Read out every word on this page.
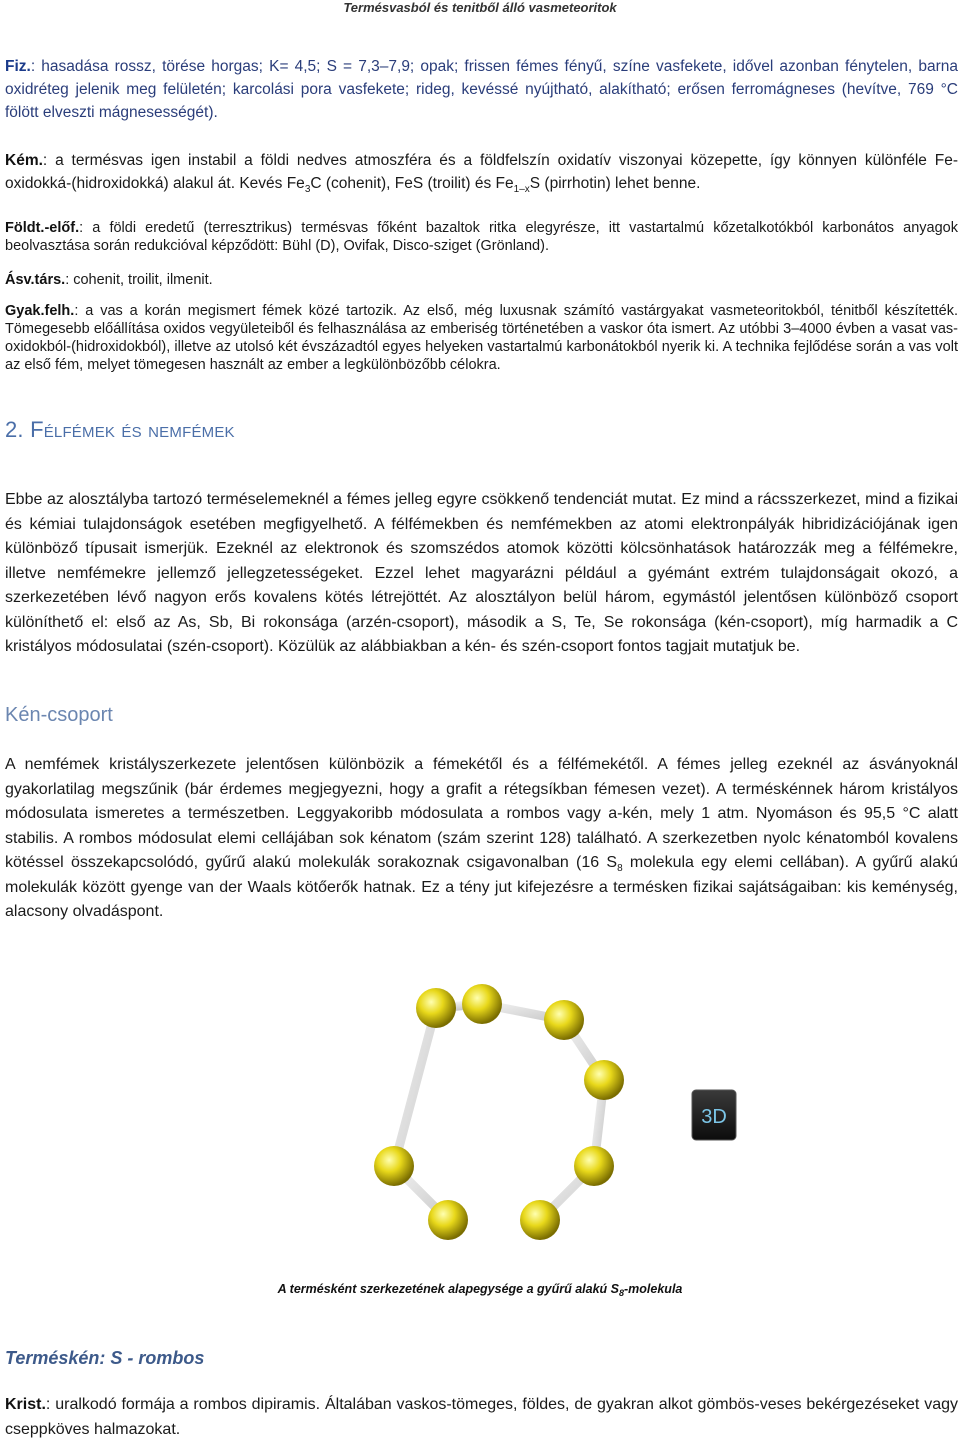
Termésvasból és tenitből álló vasmeteoritok

Fiz.: hasadása rossz, törése horgas; K= 4,5; S = 7,3–7,9; opak; frissen fémes fényű, színe vasfekete, idővel azonban fénytelen, barna oxidréteg jelenik meg felületén; karcolási pora vasfekete; rideg, kevéssé nyújtható, alakítható; erősen ferromágneses (hevítve, 769 °C fölött elveszti mágnesességét).

Kém.: a termésvas igen instabil a földi nedves atmoszféra és a földfelszín oxidatív viszonyai közepette, így könnyen különféle Fe-oxidokká-(hidroxidokká) alakul át. Kevés $Fe_3C$ (cohenit), FeS (troilit) és $Fe_{1-x}S$ (pirrhotin) lehet benne.

Földt.-előf.: a földi eredetű (terresztrikus) termésvas főként bazaltok ritka elegyrésze, itt vastartalmú kőzetalkotókból karbonátos anyagok beolvasztása során redukcióval képződött: Bühl (D), Ovifak, Disco-sziget (Grönland).

Ásv.társ.: cohenit, troilit, ilmenit.

Gyak.felh.: a vas a korán megismert fémek közé tartozik. Az első, még luxusnak számító vastárgyakat vasmeteoritokból, ténitből készítették. Tömegesebb előállítása oxidos vegyületeiből és felhasználása az emberiség történetében a vaskor óta ismert. Az utóbbi 3–4000 évben a vasat vas-oxidokból-(hidroxidokból), illetve az utolsó két évszázadtól egyes helyeken vastartalmú karbonátokból nyerik ki. A technika fejlődése során a vas volt az első fém, melyet tömegesen használt az ember a legkülönbözőbb célokra.

2. Félfémek és nemfémek

Ebbe az alosztályba tartozó terméselemeknél a fémes jelleg egyre csökkenő tendenciát mutat. Ez mind a rácsszerkezet, mind a fizikai és kémiai tulajdonságok esetében megfigyelhető. A félfémekben és nemfémekben az atomi elektronpályák hibridizációjának igen különböző típusait ismerjük. Ezeknél az elektronok és szomszédos atomok közötti kölcsönhatások határozzák meg a félfémekre, illetve nemfémekre jellemző jellegzetességeket. Ezzel lehet magyarázni például a gyémánt extrém tulajdonságait okozó, a szerkezetében lévő nagyon erős kovalens kötés létrejöttét. Az alosztályon belül három, egymástól jelentősen különböző csoport különíthető el: első az As, Sb, Bi rokonsága (arzén-csoport), második a S, Te, Se rokonsága (kén-csoport), míg harmadik a C kristályos módosulatai (szén-csoport). Közülük az alábbiakban a kén- és szén-csoport fontos tagjait mutatjuk be.

Kén-csoport

A nemfémek kristályszerkezete jelentősen különbözik a fémekétől és a félfémekétől. A fémes jelleg ezeknél az ásványoknál gyakorlatilag megszűnik (bár érdemes megjegyezni, hogy a grafit a rétegsíkban fémesen vezet). A terméskénnek három kristályos módosulata ismeretes a természetben. Leggyakoribb módosulata a rombos vagy a-kén, mely 1 atm. Nyomáson és 95,5 °C alatt stabilis. A rombos módosulat elemi cellájában sok kénatom (szám szerint 128) található. A szerkezetben nyolc kénatomból kovalens kötéssel összekapcsolódó, gyűrű alakú molekulák sorakoznak csigavonalban (16 $S_8$ molekula egy elemi cellában). A gyűrű alakú molekulák között gyenge van der Waals kötőerők hatnak. Ez a tény jut kifejezésre a termésken fizikai sajátságaiban: kis keménység, alacsony olvadáspont.

3D
A termésként szerkezetének alapegysége a gyűrű alakú $S_8$-molekula
Terméskén: S - rombos

Krist.: uralkodó formája a rombos dipiramis. Általában vaskos-tömeges, földes, de gyakran alkot gömbös-veses bekérgezéseket vagy cseppköves halmazokat.
